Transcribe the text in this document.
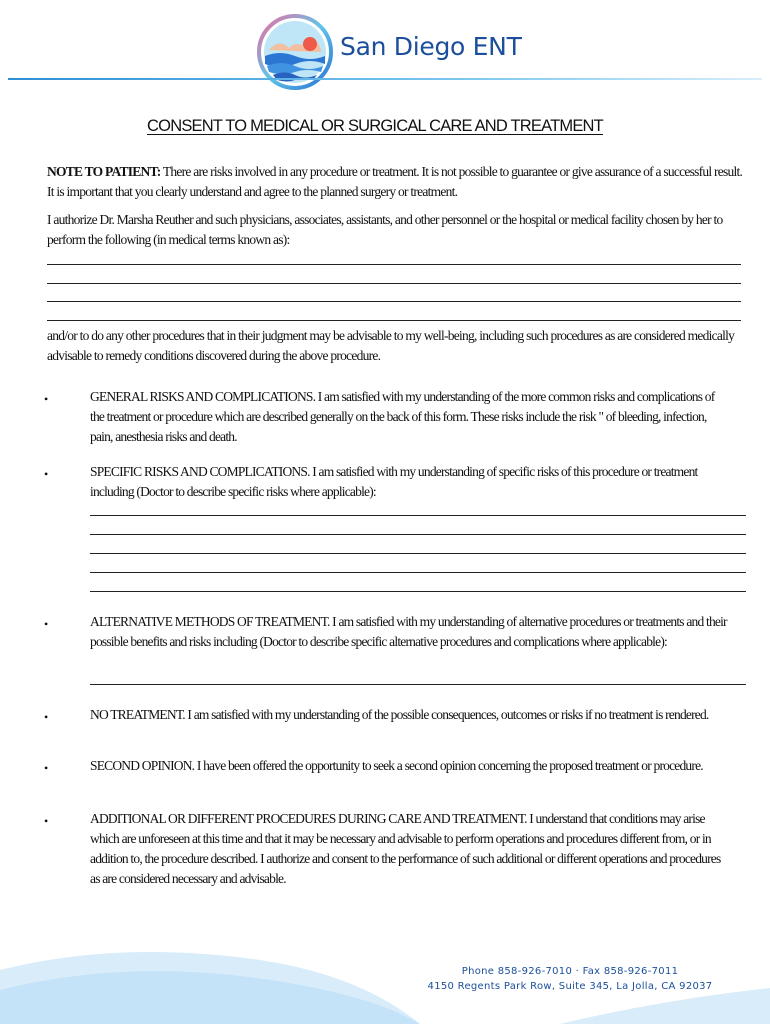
San Diego ENT
CONSENT TO MEDICAL OR SURGICAL CARE AND TREATMENT
NOTE TO PATIENT: There are risks involved in any procedure or treatment. It is not possible to guarantee or give assurance of a successful result. It is important that you clearly understand and agree to the planned surgery or treatment.
I authorize Dr. Marsha Reuther and such physicians, associates, assistants, and other personnel or the hospital or medical facility chosen by her to perform the following (in medical terms known as):
and/or to do any other procedures that in their judgment may be advisable to my well-being, including such procedures as are considered medically advisable to remedy conditions discovered during the above procedure.
•	GENERAL RISKS AND COMPLICATIONS. I am satisfied with my understanding of the more common risks and complications of the treatment or procedure which are described generally on the back of this form. These risks include the risk " of bleeding, infection, pain, anesthesia risks and death.
•	SPECIFIC RISKS AND COMPLICATIONS. I am satisfied with my understanding of specific risks of this procedure or treatment including (Doctor to describe specific risks where applicable):
•	ALTERNATIVE METHODS OF TREATMENT. I am satisfied with my understanding of alternative procedures or treatments and their possible benefits and risks including (Doctor to describe specific alternative procedures and complications where applicable):
•	NO TREATMENT. I am satisfied with my understanding of the possible consequences, outcomes or risks if no treatment is rendered.
•	SECOND OPINION. I have been offered the opportunity to seek a second opinion concerning the proposed treatment or procedure.
•	ADDITIONAL OR DIFFERENT PROCEDURES DURING CARE AND TREATMENT. I understand that conditions may arise which are unforeseen at this time and that it may be necessary and advisable to perform operations and procedures different from, or in addition to, the procedure described. I authorize and consent to the performance of such additional or different operations and procedures as are considered necessary and advisable.
Phone 858-926-7010 · Fax 858-926-7011
4150 Regents Park Row, Suite 345, La Jolla, CA 92037
